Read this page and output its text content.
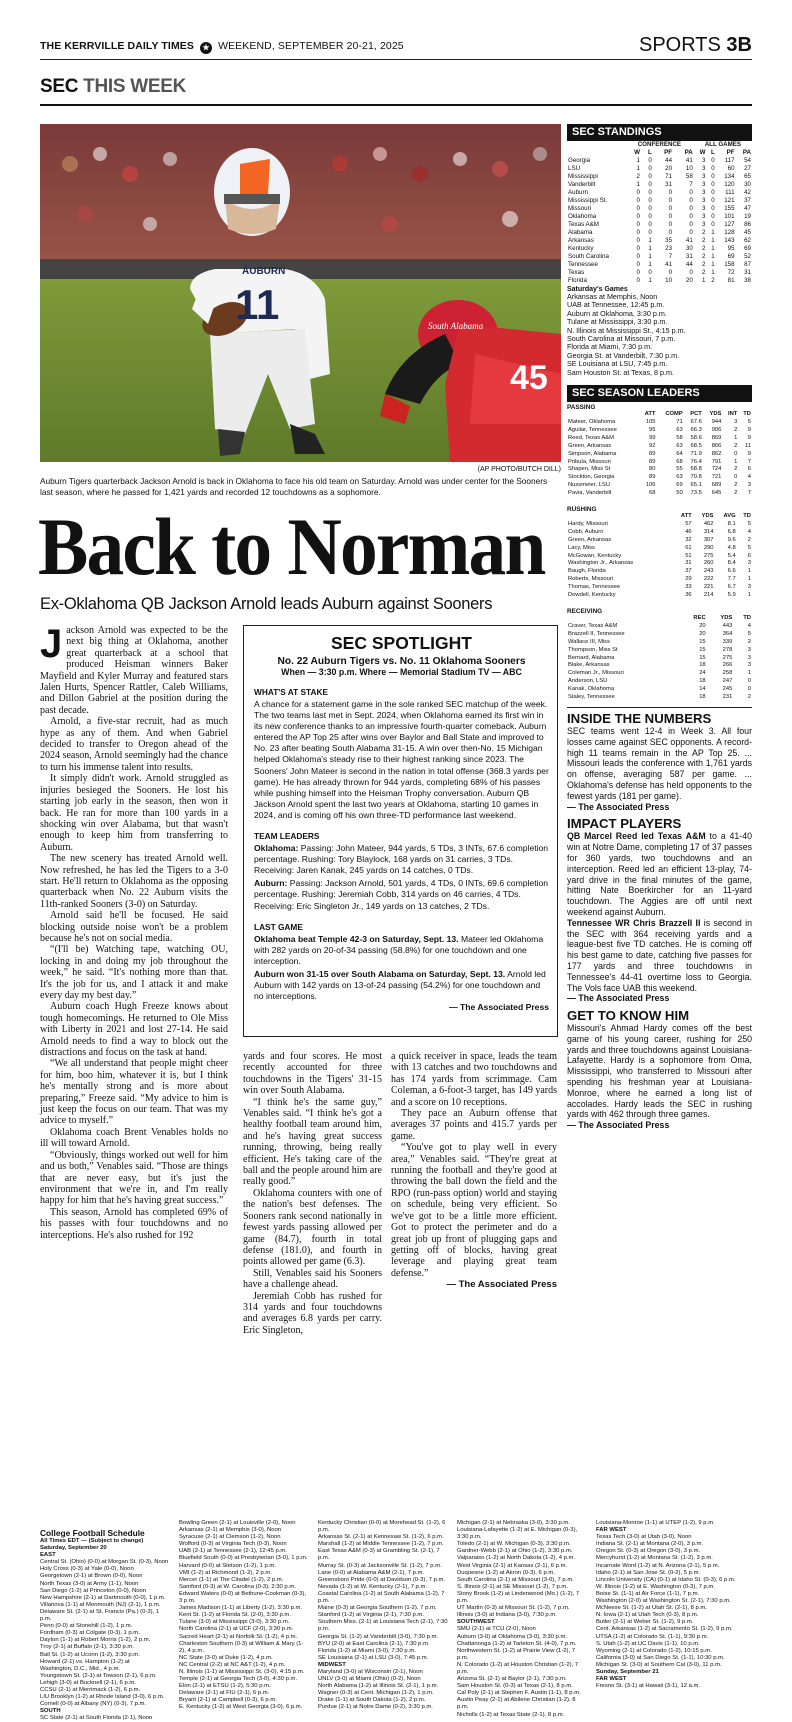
THE KERRVILLE DAILY TIMES ★ WEEKEND, SEPTEMBER 20-21, 2025	SPORTS 3B
SEC THIS WEEK
AUBURN
11
45
South Alabama
(AP PHOTO/BUTCH DILL)
Auburn Tigers quarterback Jackson Arnold is back in Oklahoma to face his old team on Saturday. Arnold was under center for the Sooners last season, where he passed for 1,421 yards and recorded 12 touchdowns as a sophomore.
Back to Norman
Ex-Oklahoma QB Jackson Arnold leads Auburn against Sooners

Jackson Arnold was expected to be the next big thing at Oklahoma, another great quarterback at a school that produced Heisman winners Baker Mayfield and Kyler Murray and featured stars Jalen Hurts, Spencer Rattler, Caleb Williams, and Dillon Gabriel at the position during the past decade.

Arnold, a five-star recruit, had as much hype as any of them. And when Gabriel decided to transfer to Oregon ahead of the 2024 season, Arnold seemingly had the chance to turn his immense talent into results.

It simply didn't work. Arnold struggled as injuries besieged the Sooners. He lost his starting job early in the season, then won it back. He ran for more than 100 yards in a shocking win over Alabama, but that wasn't enough to keep him from transferring to Auburn.

The new scenery has treated Arnold well. Now refreshed, he has led the Tigers to a 3-0 start. He'll return to Oklahoma as the opposing quarterback when No. 22 Auburn visits the 11th-ranked Sooners (3-0) on Saturday.

Arnold said he'll be focused. He said blocking outside noise won't be a problem because he's not on social media.

“(I'll be) Watching tape, watching OU, locking in and doing my job throughout the week,” he said. “It's nothing more than that. It's the job for us, and I attack it and make every day my best day.”

Auburn coach Hugh Freeze knows about tough homecomings. He returned to Ole Miss with Liberty in 2021 and lost 27-14. He said Arnold needs to find a way to block out the distractions and focus on the task at hand.

“We all understand that people might cheer for him, boo him, whatever it is, but I think he's mentally strong and is more about preparing,” Freeze said. “My advice to him is just keep the focus on our team. That was my advice to myself.”

Oklahoma coach Brent Venables holds no ill will toward Arnold.

“Obviously, things worked out well for him and us both,” Venables said. “Those are things that are never easy, but it's just the environment that we're in, and I'm really happy for him that he's having great success.”

This season, Arnold has completed 69% of his passes with four touchdowns and no interceptions. He's also rushed for 192

SEC SPOTLIGHT
No. 22 Auburn Tigers vs. No. 11 Oklahoma Sooners
When — 3:30 p.m. Where — Memorial Stadium TV — ABC
WHAT'S AT STAKE
A chance for a statement game in the sole ranked SEC matchup of the week. The two teams last met in Sept. 2024, when Oklahoma earned its first win in its new conference thanks to an impressive fourth-quarter comeback. Auburn entered the AP Top 25 after wins over Baylor and Ball State and improved to No. 23 after beating South Alabama 31-15. A win over then-No. 15 Michigan helped Oklahoma's steady rise to their highest ranking since 2023. The Sooners' John Mateer is second in the nation in total offense (368.3 yards per game). He has already thrown for 944 yards, completing 68% of his passes while pushing himself into the Heisman Trophy conversation. Auburn QB Jackson Arnold spent the last two years at Oklahoma, starting 10 games in 2024, and is coming off his own three-TD performance last weekend.
TEAM LEADERS
Oklahoma: Passing: John Mateer, 944 yards, 5 TDs, 3 INTs, 67.6 completion percentage. Rushing: Tory Blaylock, 168 yards on 31 carries, 3 TDs. Receiving: Jaren Kanak, 245 yards on 14 catches, 0 TDs.
Auburn: Passing: Jackson Arnold, 501 yards, 4 TDs, 0 INTs, 69.6 completion percentage. Rushing: Jeremiah Cobb, 314 yards on 46 carries, 4 TDs. Receiving: Eric Singleton Jr., 149 yards on 13 catches, 2 TDs.
LAST GAME
Oklahoma beat Temple 42-3 on Saturday, Sept. 13. Mateer led Oklahoma with 282 yards on 20-of-34 passing (58.8%) for one touchdown and one interception.
Auburn won 31-15 over South Alabama on Saturday, Sept. 13. Arnold led Auburn with 142 yards on 13-of-24 passing (54.2%) for one touchdown and no interceptions.
— The Associated Press

yards and four scores. He most recently accounted for three touchdowns in the Tigers' 31-15 win over South Alabama.

“I think he's the same guy,” Venables said. “I think he's got a healthy football team around him, and he's having great success running, throwing, being really efficient. He's taking care of the ball and the people around him are really good.”

Oklahoma counters with one of the nation's best defenses. The Sooners rank second nationally in fewest yards passing allowed per game (84.7), fourth in total defense (181.0), and fourth in points allowed per game (6.3).

Still, Venables said his Sooners have a challenge ahead.

Jeremiah Cobb has rushed for 314 yards and four touchdowns and averages 6.8 yards per carry. Eric Singleton,

a quick receiver in space, leads the team with 13 catches and two touchdowns and has 174 yards from scrimmage. Cam Coleman, a 6-foot-3 target, has 149 yards and a score on 10 receptions.

They pace an Auburn offense that averages 37 points and 415.7 yards per game.

“You've got to play well in every area,” Venables said. “They're great at running the football and they're good at throwing the ball down the field and the RPO (run-pass option) world and staying on schedule, being very efficient. So we've got to be a little more efficient. Got to protect the perimeter and do a great job up front of plugging gaps and getting off of blocks, having great leverage and playing great team defense.”

— The Associated Press

SEC STANDINGS
	CONFERENCE				ALL GAMES			
	W	L	PF	PA	W	L	PF	PA
Georgia	1	0	44	41	3	0	117	54
LSU	1	0	20	10	3	0	60	27
Mississippi	2	0	71	58	3	0	134	65
Vanderbilt	1	0	31	7	3	0	120	30
Auburn	0	0	0	0	3	0	111	42
Mississippi St.	0	0	0	0	3	0	121	37
Missouri	0	0	0	0	3	0	155	47
Oklahoma	0	0	0	0	3	0	101	19
Texas A&M	0	0	0	0	3	0	127	86
Alabama	0	0	0	0	2	1	128	45
Arkansas	0	1	35	41	2	1	143	62
Kentucky	0	1	23	30	2	1	95	69
South Carolina	0	1	7	31	2	1	69	52
Tennessee	0	1	41	44	2	1	158	87
Texas	0	0	0	0	2	1	72	31
Florida	0	1	10	20	1	2	81	38
Saturday's Games
Arkansas at Memphis, Noon
UAB at Tennessee, 12:45 p.m.
Auburn at Oklahoma, 3:30 p.m.
Tulane at Mississippi, 3:30 p.m.
N. Illinois at Mississippi St., 4:15 p.m.
South Carolina at Missouri, 7 p.m.
Florida at Miami, 7:30 p.m.
Georgia St. at Vanderbilt, 7:30 p.m.
SE Louisiana at LSU, 7:45 p.m.
Sam Houston St. at Texas, 8 p.m.
SEC SEASON LEADERS
PASSING
	ATT	COMP	PCT	YDS	INT	TD
Mateer, Oklahoma	105	71	67.6	944	3	5
Aguilar, Tennessee	95	63	66.3	906	2	9
Reed, Texas A&M	99	58	58.6	869	1	9
Green, Arkansas	92	63	68.5	866	2	11
Simpson, Alabama	89	64	71.9	862	0	9
Pribula, Missouri	89	68	76.4	791	1	7
Shapen, Miss St	80	55	68.8	724	2	6
Stockton, Georgia	89	63	70.8	721	0	4
Nussmeier, LSU	106	69	65.1	689	2	3
Pavia, Vanderbilt	68	50	73.5	645	2	7
RUSHING
	ATT	YDS	AVG	TD
Hardy, Missouri	57	462	8.1	5
Cobb, Auburn	46	314	6.8	4
Green, Arkansas	32	307	9.6	2
Lacy, Miss	61	290	4.8	5
McGowan, Kentucky	51	275	5.4	6
Washington Jr., Arkansas	31	260	8.4	3
Baugh, Florida	37	243	6.6	1
Roberts, Missouri	29	222	7.7	1
Thomas, Tennessee	33	221	6.7	3
Dowdell, Kentucky	36	214	5.9	1
RECEIVING
	REC	YDS	TD
Craver, Texas A&M	20	443	4
Brazzell II, Tennessee	20	364	5
Wallace III, Miss	15	339	2
Thompson, Miss St	15	278	3
Bernard, Alabama	15	275	3
Blake, Arkansas	18	266	3
Coleman Jr., Missouri	24	258	1
Anderson, LSU	18	247	0
Kanak, Oklahoma	14	245	0
Staley, Tennessee	18	231	2
INSIDE THE NUMBERS
SEC teams went 12-4 in Week 3. All four losses came against SEC opponents. A record-high 11 teams remain in the AP Top 25. ... Missouri leads the conference with 1,761 yards on offense, averaging 587 per game. ... Oklahoma's defense has held opponents to the fewest yards (181 per game).
— The Associated Press
IMPACT PLAYERS
QB Marcel Reed led Texas A&M to a 41-40 win at Notre Dame, completing 17 of 37 passes for 360 yards, two touchdowns and an interception. Reed led an efficient 13-play, 74-yard drive in the final minutes of the game, hitting Nate Boerkircher for an 11-yard touchdown. The Aggies are off until next weekend against Auburn.
Tennessee WR Chris Brazzell II is second in the SEC with 364 receiving yards and a league-best five TD catches. He is coming off his best game to date, catching five passes for 177 yards and three touchdowns in Tennessee's 44-41 overtime loss to Georgia. The Vols face UAB this weekend.
— The Associated Press
GET TO KNOW HIM
Missouri's Ahmad Hardy comes off the best game of his young career, rushing for 250 yards and three touchdowns against Louisiana-Lafayette. Hardy is a sophomore from Oma, Mississippi, who transferred to Missouri after spending his freshman year at Louisiana-Monroe, where he earned a long list of accolades. Hardy leads the SEC in rushing yards with 462 through three games.
— The Associated Press
College Football Schedule
All Times EDT — (Subject to change)
Saturday, September 20
EAST
Central St. (Ohio) (0-0) at Morgan St. (0-3), Noon
Holy Cross (0-3) at Yale (0-0), Noon
Georgetown (2-1) at Brown (0-0), Noon
North Texas (3-0) at Army (1-1), Noon
San Diego (1-2) at Princeton (0-0), Noon
New Hampshire (2-1) at Dartmouth (0-0), 1 p.m.
Villanova (1-1) at Monmouth (NJ) (2-1), 1 p.m.
Delaware St. (2-1) at St. Francis (Pa.) (0-3), 1 p.m.
Penn (0-0) at Stonehill (1-2), 1 p.m.
Fordham (0-3) at Colgate (0-3), 1 p.m.
Dayton (1-1) at Robert Morris (1-2), 2 p.m.
Troy (2-1) at Buffalo (2-1), 3:30 p.m.
Ball St. (1-2) at Uconn (1-2), 3:30 p.m.
Howard (2-1) vs. Hampton (1-2) at
Washington, D.C., Mid., 4 p.m.
Youngstown St. (2-1) at Towson (2-1), 6 p.m.
Lehigh (3-0) at Bucknell (2-1), 6 p.m.
CCSU (2-1) at Merrimack (1-2), 6 p.m.
LIU Brooklyn (1-2) at Rhode Island (3-0), 6 p.m.
Cornell (0-0) at Albany (NY) (0-3), 7 p.m.
SOUTH
SC State (2-1) at South Florida (2-1), Noon
Bowling Green (2-1) at Louisville (2-0), Noon
Arkansas (2-1) at Memphis (3-0), Noon
Syracuse (2-1) at Clemson (1-2), Noon
Wofford (0-3) at Virginia Tech (0-3), Noon
UAB (2-1) at Tennessee (2-1), 12:45 p.m.
Bluefield South (0-0) at Presbyterian (3-0), 1 p.m.
Harvard (0-0) at Stetson (1-2), 1 p.m.
VMI (1-2) at Richmond (1-2), 2 p.m.
Mercer (1-1) at The Citadel (1-2), 2 p.m.
Samford (0-3) at W. Carolina (0-3), 2:30 p.m.
Edward Waters (0-0) at Bethune-Cookman (0-3), 3 p.m.
James Madison (1-1) at Liberty (1-2), 3:30 p.m.
Kent St. (1-2) at Florida St. (2-0), 3:30 p.m.
Tulane (3-0) at Mississippi (3-0), 3:30 p.m.
North Carolina (2-1) at UCF (2-0), 3:30 p.m.
Sacred Heart (2-1) at Norfolk St. (1-2), 4 p.m.
Charleston Southern (0-3) at William & Mary (1-2), 4 p.m.
NC State (3-0) at Duke (1-2), 4 p.m.
NC Central (2-2) at NC A&T (1-2), 4 p.m.
N. Illinois (1-1) at Mississippi St. (3-0), 4:15 p.m.
Temple (2-1) at Georgia Tech (3-0), 4:30 p.m.
Elon (2-1) at ETSU (1-2), 5:30 p.m.
Delaware (2-1) at FIU (2-1), 6 p.m.
Bryant (2-1) at Campbell (0-3), 6 p.m.
E. Kentucky (1-2) at West Georgia (3-0), 6 p.m.
Kentucky Christian (0-0) at Morehead St. (1-2), 6 p.m.
Arkansas St. (2-1) at Kennesaw St. (1-2), 6 p.m.
Marshall (1-2) at Middle Tennessee (1-2), 7 p.m.
East Texas A&M (0-3) at Grambling St. (2-1), 7 p.m.
Murray St. (0-3) at Jacksonville St. (1-2), 7 p.m.
Lane (0-0) at Alabama A&M (2-1), 7 p.m.
Greensboro Pride (0-0) at Davidson (0-3), 7 p.m.
Nevada (1-2) at W. Kentucky (2-1), 7 p.m.
Coastal Carolina (1-2) at South Alabama (1-2), 7 p.m.
Maine (0-3) at Georgia Southern (1-2), 7 p.m.
Stanford (1-2) at Virginia (2-1), 7:30 p.m.
Southern Miss. (2-1) at Louisiana Tech (2-1), 7:30 p.m.
Georgia St. (1-2) at Vanderbilt (3-0), 7:30 p.m.
BYU (2-0) at East Carolina (2-1), 7:30 p.m.
Florida (1-2) at Miami (3-0), 7:30 p.m.
SE Louisiana (2-1) at LSU (3-0), 7:45 p.m.
MIDWEST
Maryland (3-0) at Wisconsin (2-1), Noon
UNLV (3-0) at Miami (Ohio) (0-2), Noon
North Alabama (1-2) at Illinois St. (2-1), 1 p.m.
Wagner (0-3) at Cent. Michigan (1-2), 1 p.m.
Drake (1-1) at South Dakota (1-2), 2 p.m.
Purdue (2-1) at Notre Dame (0-2), 3:30 p.m.
Michigan (2-1) at Nebraska (3-0), 3:30 p.m.
Louisiana-Lafayette (1-2) at E. Michigan (0-3), 3:30 p.m.
Toledo (2-1) at W. Michigan (0-3), 3:30 p.m.
Gardner-Webb (2-1) at Ohio (1-2), 3:30 p.m.
Valparaiso (1-2) at North Dakota (1-2), 4 p.m.
West Virginia (2-1) at Kansas (2-1), 6 p.m.
Duquesne (1-2) at Akron (0-3), 6 p.m.
South Carolina (2-1) at Missouri (3-0), 7 p.m.
S. Illinois (2-1) at SE Missouri (1-2), 7 p.m.
Stony Brook (1-2) at Lindenwood (Mo.) (1-2), 7 p.m.
UT Martin (0-3) at Missouri St. (1-2), 7 p.m.
Illinois (3-0) at Indiana (3-0), 7:30 p.m.
SOUTHWEST
SMU (2-1) at TCU (2-0), Noon
Auburn (3-0) at Oklahoma (3-0), 3:30 p.m.
Chattanooga (1-2) at Tarleton St. (4-0), 7 p.m.
Northwestern St. (1-2) at Prairie View (1-2), 7 p.m.
N. Colorado (1-2) at Houston Christian (1-2), 7 p.m.
Arizona St. (2-1) at Baylor (2-1), 7:30 p.m.
Sam Houston St. (0-3) at Texas (2-1), 8 p.m.
Cal Poly (2-1) at Stephen F. Austin (1-1), 8 p.m.
Austin Peay (2-1) at Abilene Christian (1-2), 8 p.m.
Nicholls (1-2) at Texas State (2-1), 8 p.m.
Louisiana-Monroe (1-1) at UTEP (1-2), 9 p.m.
FAR WEST
Texas Tech (3-0) at Utah (3-0), Noon
Indiana St. (2-1) at Montana (2-0), 3 p.m.
Oregon St. (0-3) at Oregon (3-0), 3 p.m.
Mercyhurst (1-2) at Montana St. (1-2), 3 p.m.
Incarnate Word (1-2) at N. Arizona (2-1), 5 p.m.
Idaho (2-1) at San Jose St. (0-2), 5 p.m.
Lincoln University (CA) (0-1) at Idaho St. (0-3), 6 p.m.
W. Illinois (1-2) at E. Washington (0-3), 7 p.m.
Boise St. (1-1) at Air Force (1-1), 7 p.m.
Washington (2-0) at Washington St. (2-1), 7:30 p.m.
McNeese St. (1-2) at Utah St. (2-1), 8 p.m.
N. Iowa (2-1) at Utah Tech (0-3), 8 p.m.
Butler (2-1) at Weber St. (1-2), 9 p.m.
Cent. Arkansas (1-2) at Sacramento St. (1-2), 9 p.m.
UTSA (1-2) at Colorado St. (1-1), 9:30 p.m.
S. Utah (1-2) at UC Davis (1-1), 10 p.m.
Wyoming (2-1) at Colorado (1-2), 10:15 p.m.
California (3-0) at San Diego St. (1-1), 10:30 p.m.
Michigan St. (3-0) at Southern Cal (3-0), 11 p.m.
Sunday, September 21
FAR WEST
Fresno St. (3-1) at Hawaii (3-1), 12 a.m.
